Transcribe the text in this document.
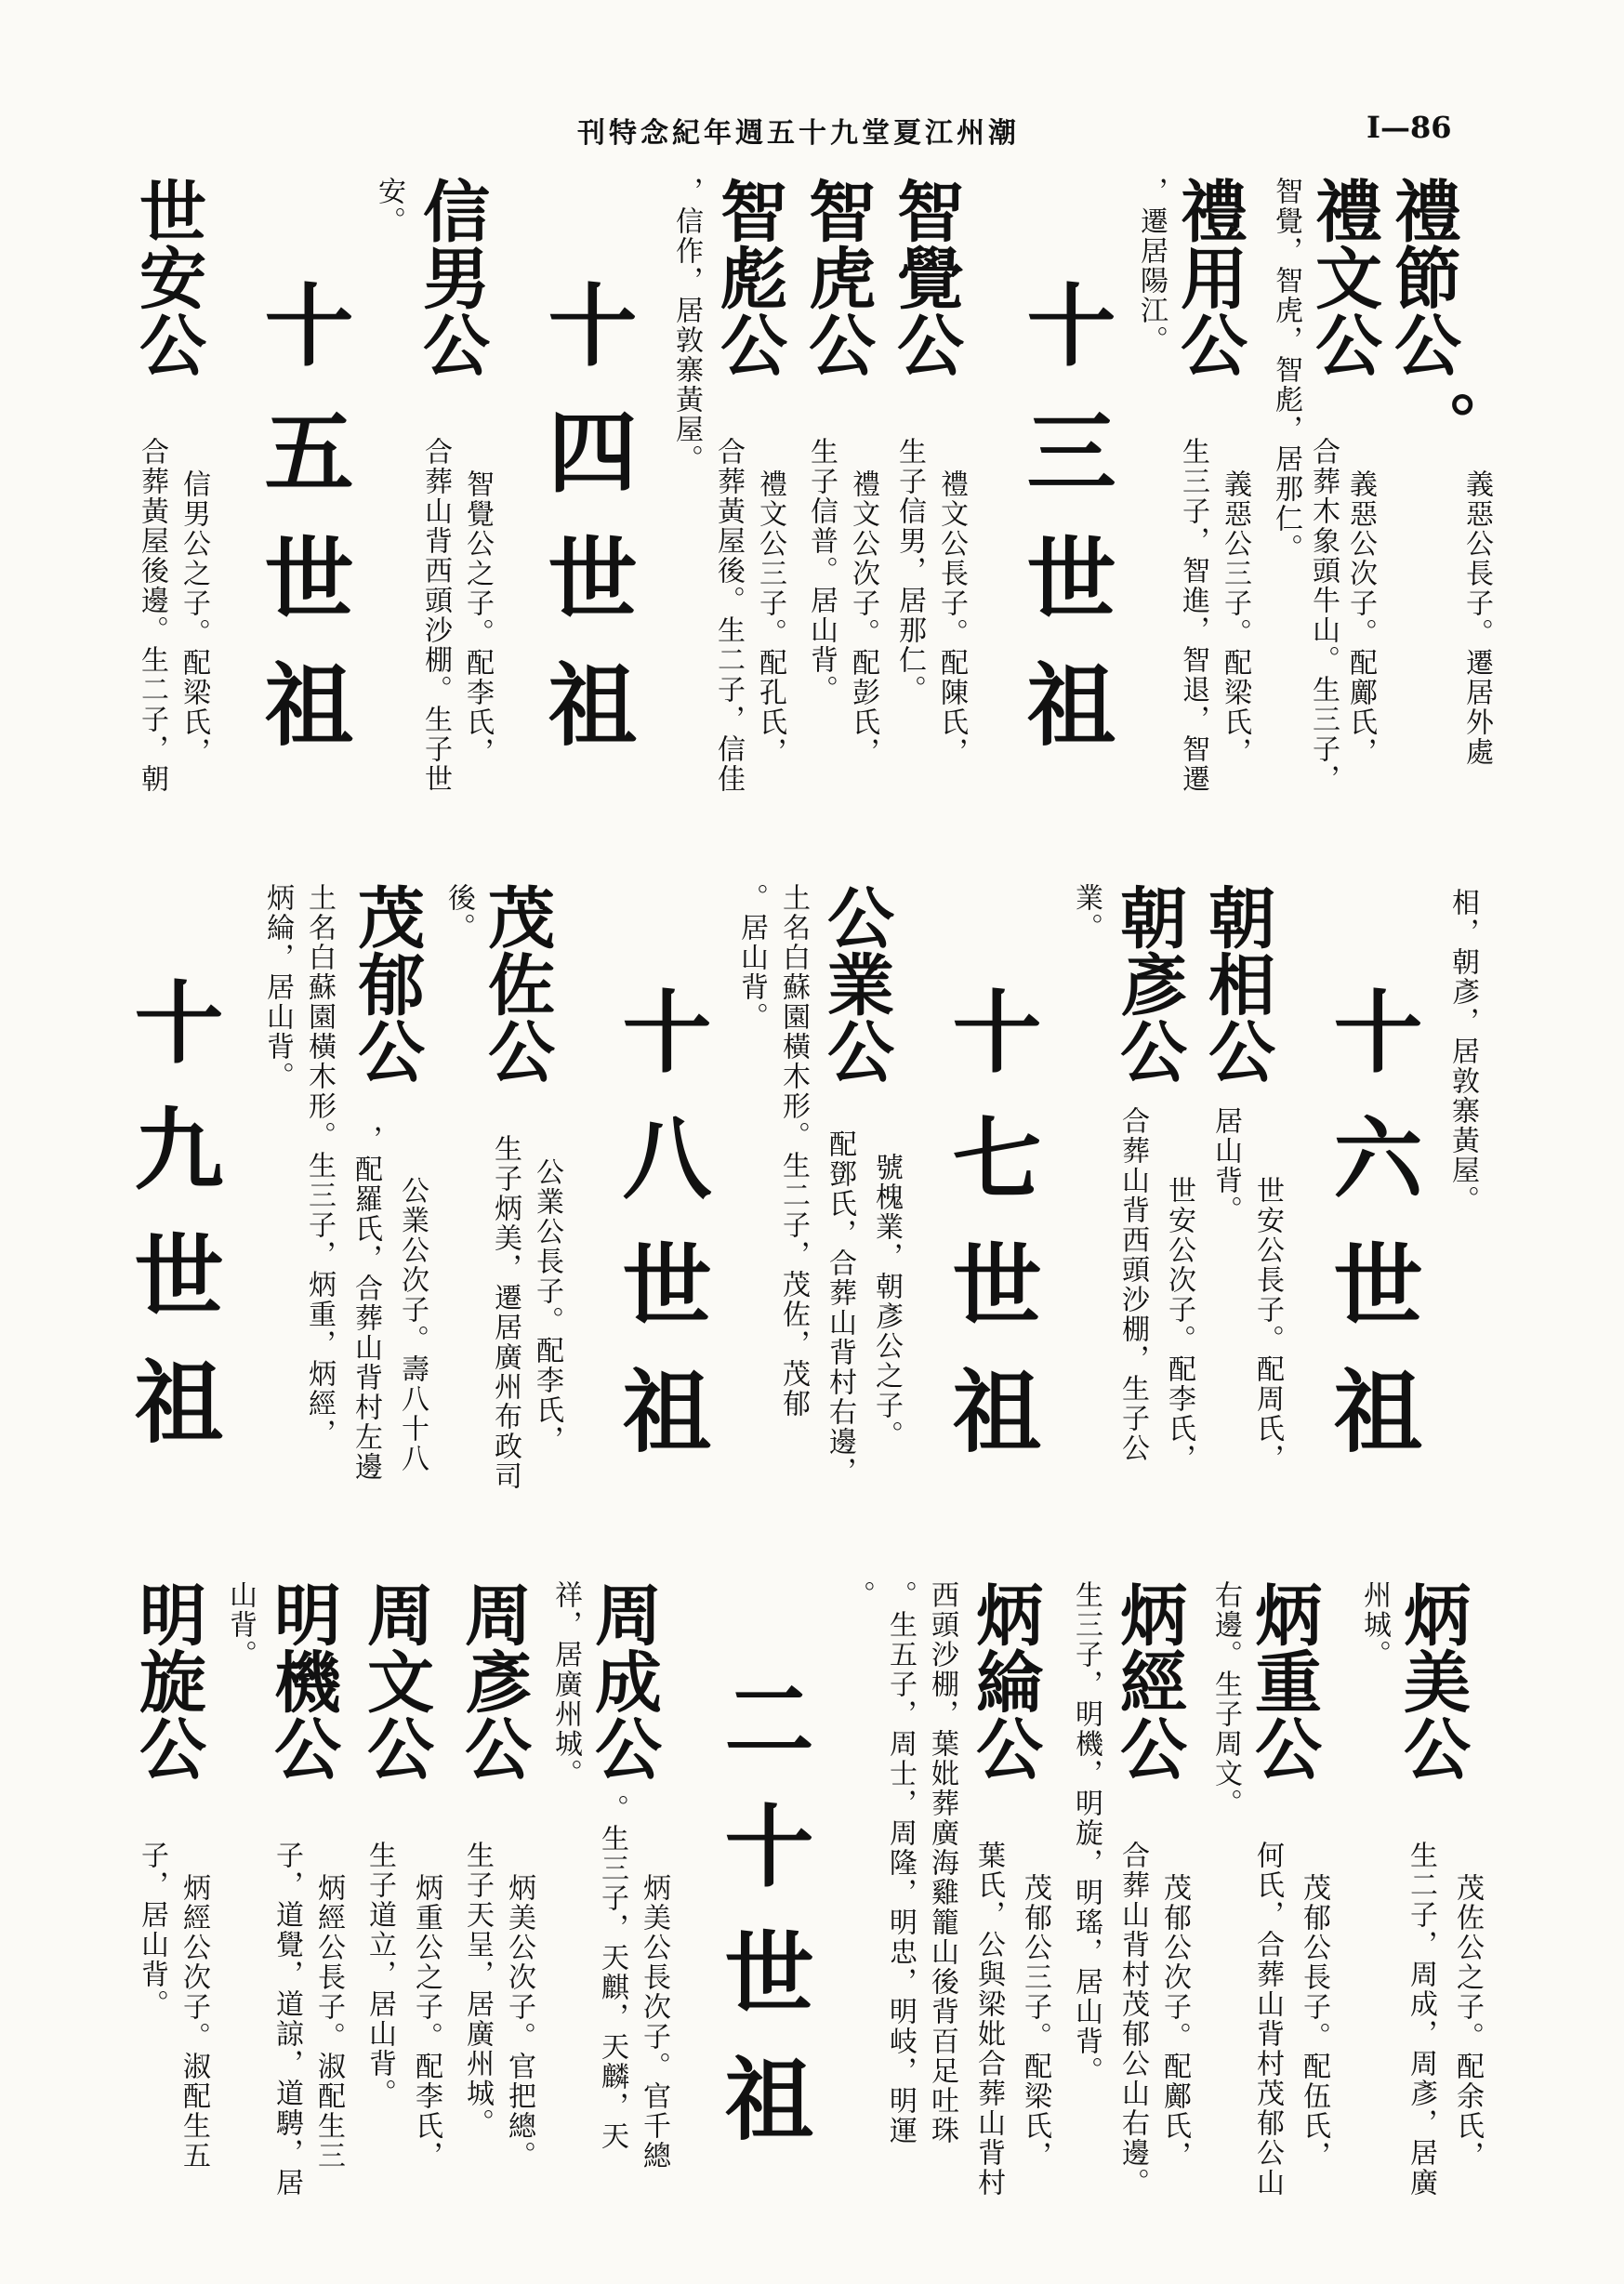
潮州江夏堂九十五週年紀念特刊	I—86
禮節公
。
義惡公長子。遷居外處
禮文公
義惡公次子。配鄺氏，
合葬木象頭牛山。生三子，
智覺，智虎，智彪，居那仁。
禮用公
義惡公三子。配梁氏，
生三子，智進，智退，智遷
，遷居陽江。
十三世祖
智覺公
禮文公長子。配陳氏，
生子信男，居那仁。
智虎公
禮文公次子。配彭氏，
生子信普。居山背。
智彪公
禮文公三子。配孔氏，
合葬黃屋後。生二子，信佳
，信作，居敦寨黃屋。
十四世祖
信男公
智覺公之子。配李氏，
合葬山背西頭沙棚。生子世
安。
十五世祖
世安公
信男公之子。配梁氏，
合葬黃屋後邊。生二子，朝
相，朝彥，居敦寨黃屋。
十六世祖
朝相公
世安公長子。配周氏，
居山背。
朝彥公
世安公次子。配李氏，
合葬山背西頭沙棚，生子公
業。
十七世祖
公業公
號槐業，朝彥公之子。
配鄧氏，合葬山背村右邊，
土名白蘇園橫木形。生二子，茂佐，茂郁
。居山背。
十八世祖
茂佐公
公業公長子。配李氏，
生子炳美，遷居廣州布政司
後。
茂郁公
公業公次子。壽八十八
，配羅氏，合葬山背村左邊
土名白蘇園橫木形。生三子，炳重，炳經，
炳綸，居山背。
十九世祖
炳美公
茂佐公之子。配余氏，
生二子，周成，周彥，居廣
州城。
炳重公
茂郁公長子。配伍氏，
何氏，合葬山背村茂郁公山
右邊。生子周文。
炳經公
茂郁公次子。配鄺氏，
合葬山背村茂郁公山右邊。
生三子，明機，明旋，明瑤，居山背。
炳綸公
茂郁公三子。配梁氏，
葉氏，公與梁妣合葬山背村
西頭沙棚，葉妣葬廣海雞籠山後背百足吐珠
。生五子，周士，周隆，明忠，明岐，明運
。
二十世祖
周成公
炳美公長次子。官千總
。生三子，天麒，天麟，天
祥，居廣州城。
周彥公
炳美公次子。官把總。
生子天呈，居廣州城。
周文公
炳重公之子。配李氏，
生子道立，居山背。
明機公
炳經公長子。淑配生三
子，道覺，道諒，道騁，居
山背。
明旋公
炳經公次子。淑配生五
子，居山背。
